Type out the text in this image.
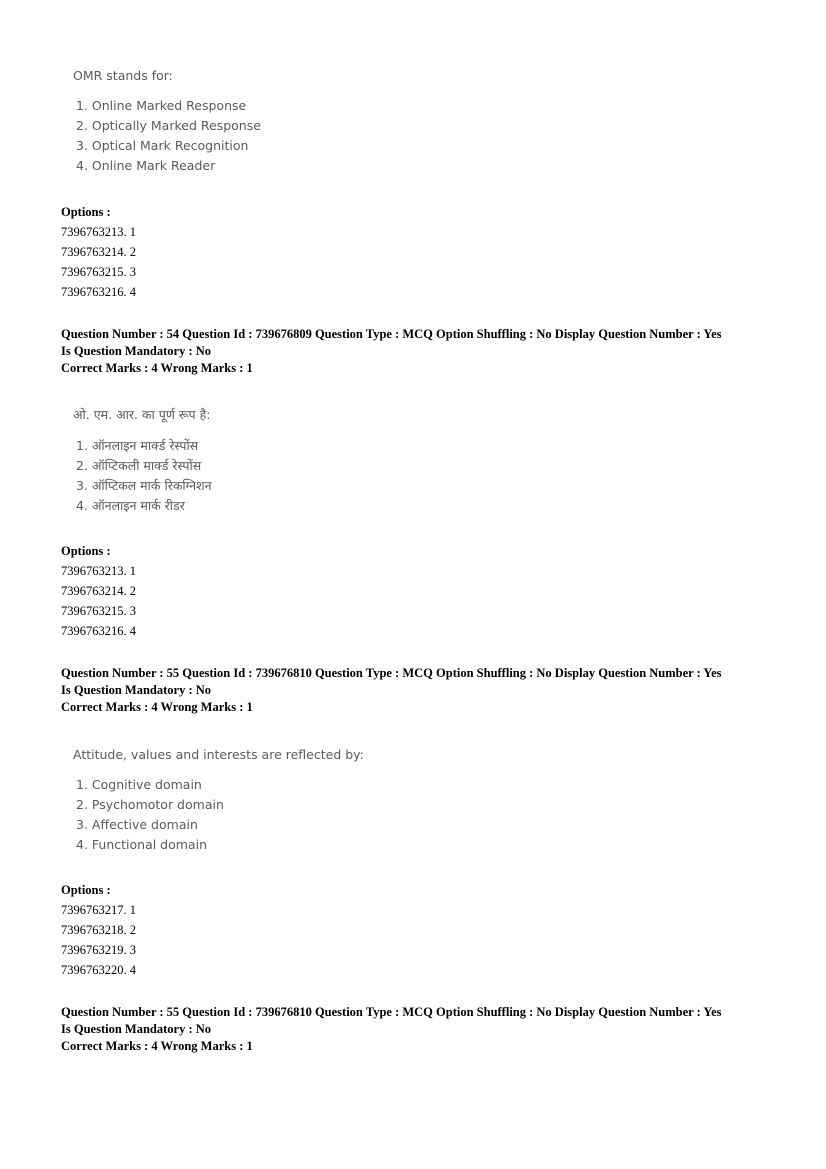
OMR stands for:
1. Online Marked Response
2. Optically Marked Response
3. Optical Mark Recognition
4. Online Mark Reader
Options :
7396763213. 1
7396763214. 2
7396763215. 3
7396763216. 4
Question Number : 54 Question Id : 739676809 Question Type : MCQ Option Shuffling : No Display Question Number : Yes
Is Question Mandatory : No
Correct Marks : 4 Wrong Marks : 1
ओ. एम. आर. का पूर्ण रूप है:
1. ऑनलाइन मार्क्ड रेस्पोंस
2. ऑप्टिकली मार्क्ड रेस्पोंस
3. ऑप्टिकल मार्क रिकग्निशन
4. ऑनलाइन मार्क रीडर
Options :
7396763213. 1
7396763214. 2
7396763215. 3
7396763216. 4
Question Number : 55 Question Id : 739676810 Question Type : MCQ Option Shuffling : No Display Question Number : Yes
Is Question Mandatory : No
Correct Marks : 4 Wrong Marks : 1
Attitude, values and interests are reflected by:
1. Cognitive domain
2. Psychomotor domain
3. Affective domain
4. Functional domain
Options :
7396763217. 1
7396763218. 2
7396763219. 3
7396763220. 4
Question Number : 55 Question Id : 739676810 Question Type : MCQ Option Shuffling : No Display Question Number : Yes
Is Question Mandatory : No
Correct Marks : 4 Wrong Marks : 1
